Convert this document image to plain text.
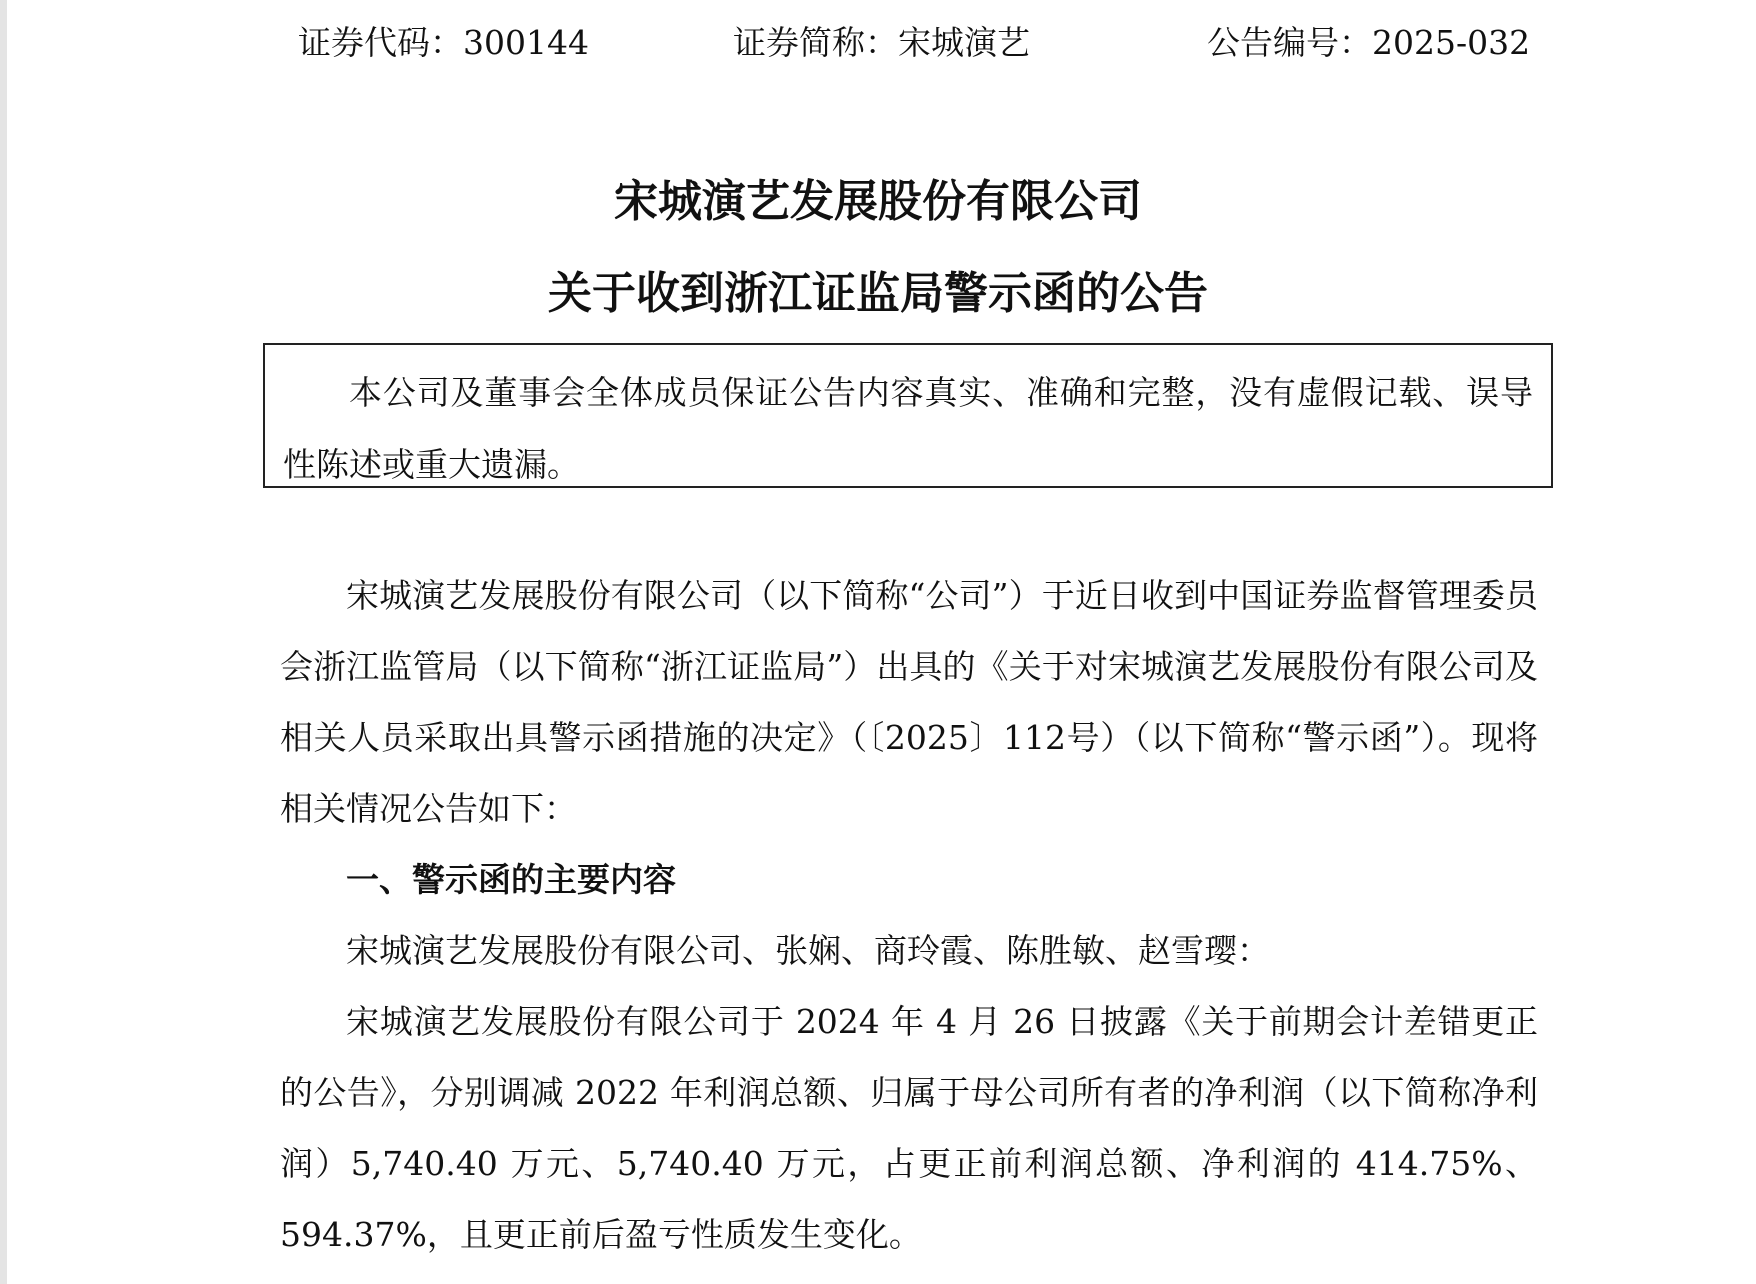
证券代码：300144	证券简称：宋城演艺	公告编号：2025-032
宋城演艺发展股份有限公司
关于收到浙江证监局警示函的公告
本公司及董事会全体成员保证公告内容真实、准确和完整，没有虚假记载、误导性陈述或重大遗漏。

宋城演艺发展股份有限公司（以下简称“公司”）于近日收到中国证券监督管理委员会浙江监管局（以下简称“浙江证监局”）出具的《关于对宋城演艺发展股份有限公司及相关人员采取出具警示函措施的决定》（〔2025〕112号）（以下简称“警示函”）。现将相关情况公告如下：

一、警示函的主要内容

宋城演艺发展股份有限公司、张娴、商玲霞、陈胜敏、赵雪璎：

宋城演艺发展股份有限公司于 2024 年 4 月 26 日披露《关于前期会计差错更正的公告》，分别调减 2022 年利润总额、归属于母公司所有者的净利润（以下简称净利润）5,740.40 万元、5,740.40 万元，占更正前利润总额、净利润的 414.75%、594.37%，且更正前后盈亏性质发生变化。
